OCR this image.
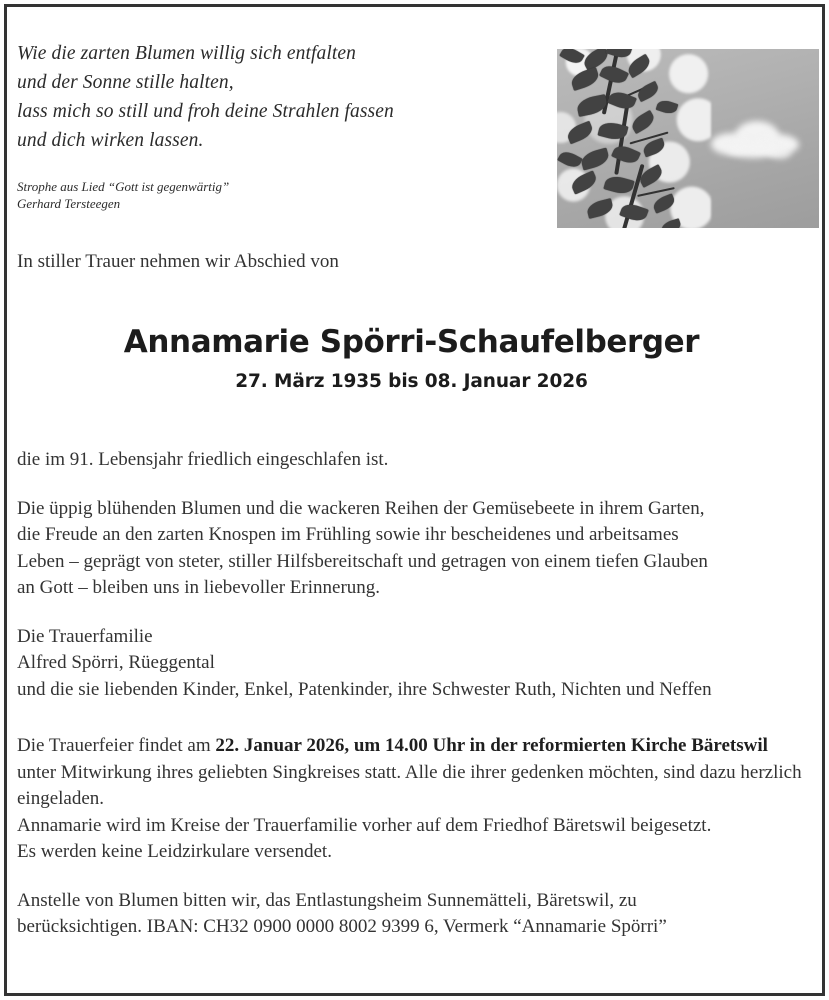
Wie die zarten Blumen willig sich entfalten
und der Sonne stille halten,
lass mich so still und froh deine Strahlen fassen
und dich wirken lassen.
Strophe aus Lied “Gott ist gegenwärtig”
Gerhard Tersteegen
In stiller Trauer nehmen wir Abschied von
Annamarie Spörri-Schaufelberger
27. März 1935 bis 08. Januar 2026

die im 91. Lebensjahr friedlich eingeschlafen ist.

Die üppig blühenden Blumen und die wackeren Reihen der Gemüsebeete in ihrem Garten,
die Freude an den zarten Knospen im Frühling sowie ihr bescheidenes und arbeitsames
Leben – geprägt von steter, stiller Hilfsbereitschaft und getragen von einem tiefen Glauben
an Gott – bleiben uns in liebevoller Erinnerung.

Die Trauerfamilie
Alfred Spörri, Rüeggental
und die sie liebenden Kinder, Enkel, Patenkinder, ihre Schwester Ruth, Nichten und Neffen

Die Trauerfeier findet am 22. Januar 2026, um 14.00 Uhr in der reformierten Kirche Bäretswil unter Mitwirkung ihres geliebten Singkreises statt. Alle die ihrer gedenken möchten, sind dazu herzlich eingeladen.

Annamarie wird im Kreise der Trauerfamilie vorher auf dem Friedhof Bäretswil beigesetzt.

Es werden keine Leidzirkulare versendet.

Anstelle von Blumen bitten wir, das Entlastungsheim Sunnemätteli, Bäretswil, zu
berücksichtigen. IBAN: CH32 0900 0000 8002 9399 6, Vermerk “Annamarie Spörri”
